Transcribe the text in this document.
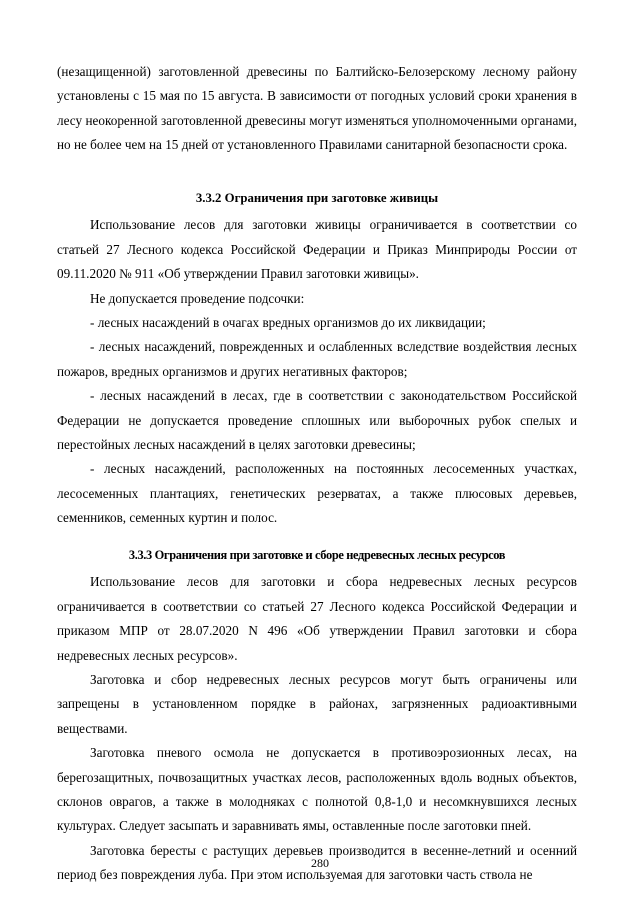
(незащищенной) заготовленной древесины по Балтийско-Белозерскому лесному району установлены с 15 мая по 15 августа. В зависимости от погодных условий сроки хранения в лесу неокоренной заготовленной древесины могут изменяться уполномоченными органами, но не более чем на 15 дней от установленного Правилами санитарной безопасности срока.

3.3.2 Ограничения при заготовке живицы

Использование лесов для заготовки живицы ограничивается в соответствии со статьей 27 Лесного кодекса Российской Федерации и Приказ Минприроды России от 09.11.2020 № 911 «Об утверждении Правил заготовки живицы».

Не допускается проведение подсочки:

- лесных насаждений в очагах вредных организмов до их ликвидации;

- лесных насаждений, поврежденных и ослабленных вследствие воздействия лесных пожаров, вредных организмов и других негативных факторов;

- лесных насаждений в лесах, где в соответствии с законодательством Российской Федерации не допускается проведение сплошных или выборочных рубок спелых и перестойных лесных насаждений в целях заготовки древесины;

- лесных насаждений, расположенных на постоянных лесосеменных участках, лесосеменных плантациях, генетических резерватах, а также плюсовых деревьев, семенников, семенных куртин и полос.

3.3.3 Ограничения при заготовке и сборе недревесных лесных ресурсов

Использование лесов для заготовки и сбора недревесных лесных ресурсов ограничивается в соответствии со статьей 27 Лесного кодекса Российской Федерации и приказом МПР от 28.07.2020 N 496 «Об утверждении Правил заготовки и сбора недревесных лесных ресурсов».

Заготовка и сбор недревесных лесных ресурсов могут быть ограничены или запрещены в установленном порядке в районах, загрязненных радиоактивными веществами.

Заготовка пневого осмола не допускается в противоэрозионных лесах, на берегозащитных, почвозащитных участках лесов, расположенных вдоль водных объектов, склонов оврагов, а также в молодняках с полнотой 0,8-1,0 и несомкнувшихся лесных культурах. Следует засыпать и заравнивать ямы, оставленные после заготовки пней.

Заготовка бересты с растущих деревьев производится в весенне-летний и осенний период без повреждения луба. При этом используемая для заготовки часть ствола не

280
